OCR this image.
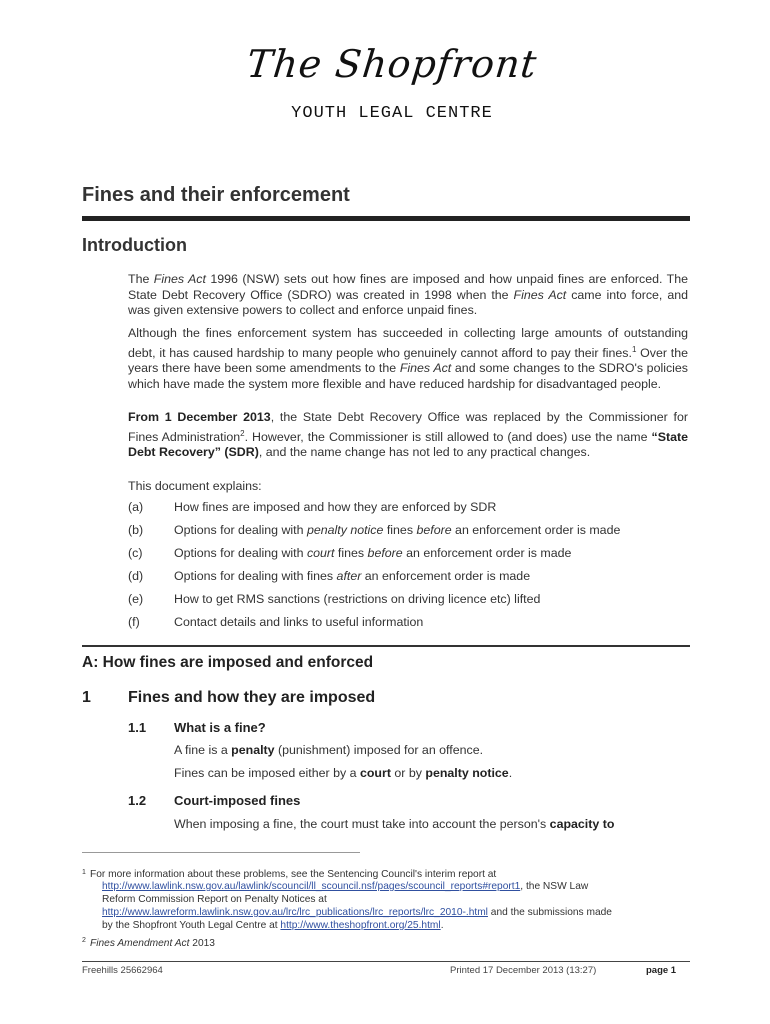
The Shopfront
YOUTH LEGAL CENTRE
Fines and their enforcement
Introduction
The Fines Act 1996 (NSW) sets out how fines are imposed and how unpaid fines are enforced. The State Debt Recovery Office (SDRO) was created in 1998 when the Fines Act came into force, and was given extensive powers to collect and enforce unpaid fines.
Although the fines enforcement system has succeeded in collecting large amounts of outstanding debt, it has caused hardship to many people who genuinely cannot afford to pay their fines.$^1$ Over the years there have been some amendments to the Fines Act and some changes to the SDRO's policies which have made the system more flexible and have reduced hardship for disadvantaged people.
From 1 December 2013, the State Debt Recovery Office was replaced by the Commissioner for Fines Administration$^2$. However, the Commissioner is still allowed to (and does) use the name “State Debt Recovery” (SDR), and the name change has not led to any practical changes.
This document explains:
(a) How fines are imposed and how they are enforced by SDR
(b) Options for dealing with penalty notice fines before an enforcement order is made
(c)	Options for dealing with court fines before an enforcement order is made
(d) Options for dealing with fines after an enforcement order is made
(e) How to get RMS sanctions (restrictions on driving licence etc) lifted
(f)	Contact details and links to useful information
A: How fines are imposed and enforced
1 Fines and how they are imposed
1.1 What is a fine?
A fine is a penalty (punishment) imposed for an offence.
Fines can be imposed either by a court or by penalty notice.
1.2 Court-imposed fines
When imposing a fine, the court must take into account the person's capacity to
1 For more information about these problems, see the Sentencing Council's interim report at
http://www.lawlink.nsw.gov.au/lawlink/scouncil/ll_scouncil.nsf/pages/scouncil_reports#report1, the NSW Law
Reform Commission Report on Penalty Notices at
http://www.lawreform.lawlink.nsw.gov.au/lrc/lrc_publications/lrc_reports/lrc_2010-.html and the submissions made
by the Shopfront Youth Legal Centre at http://www.theshopfront.org/25.html.
2 Fines Amendment Act 2013
Freehills 25662964	Printed 17 December 2013 (13:27)	page 1
